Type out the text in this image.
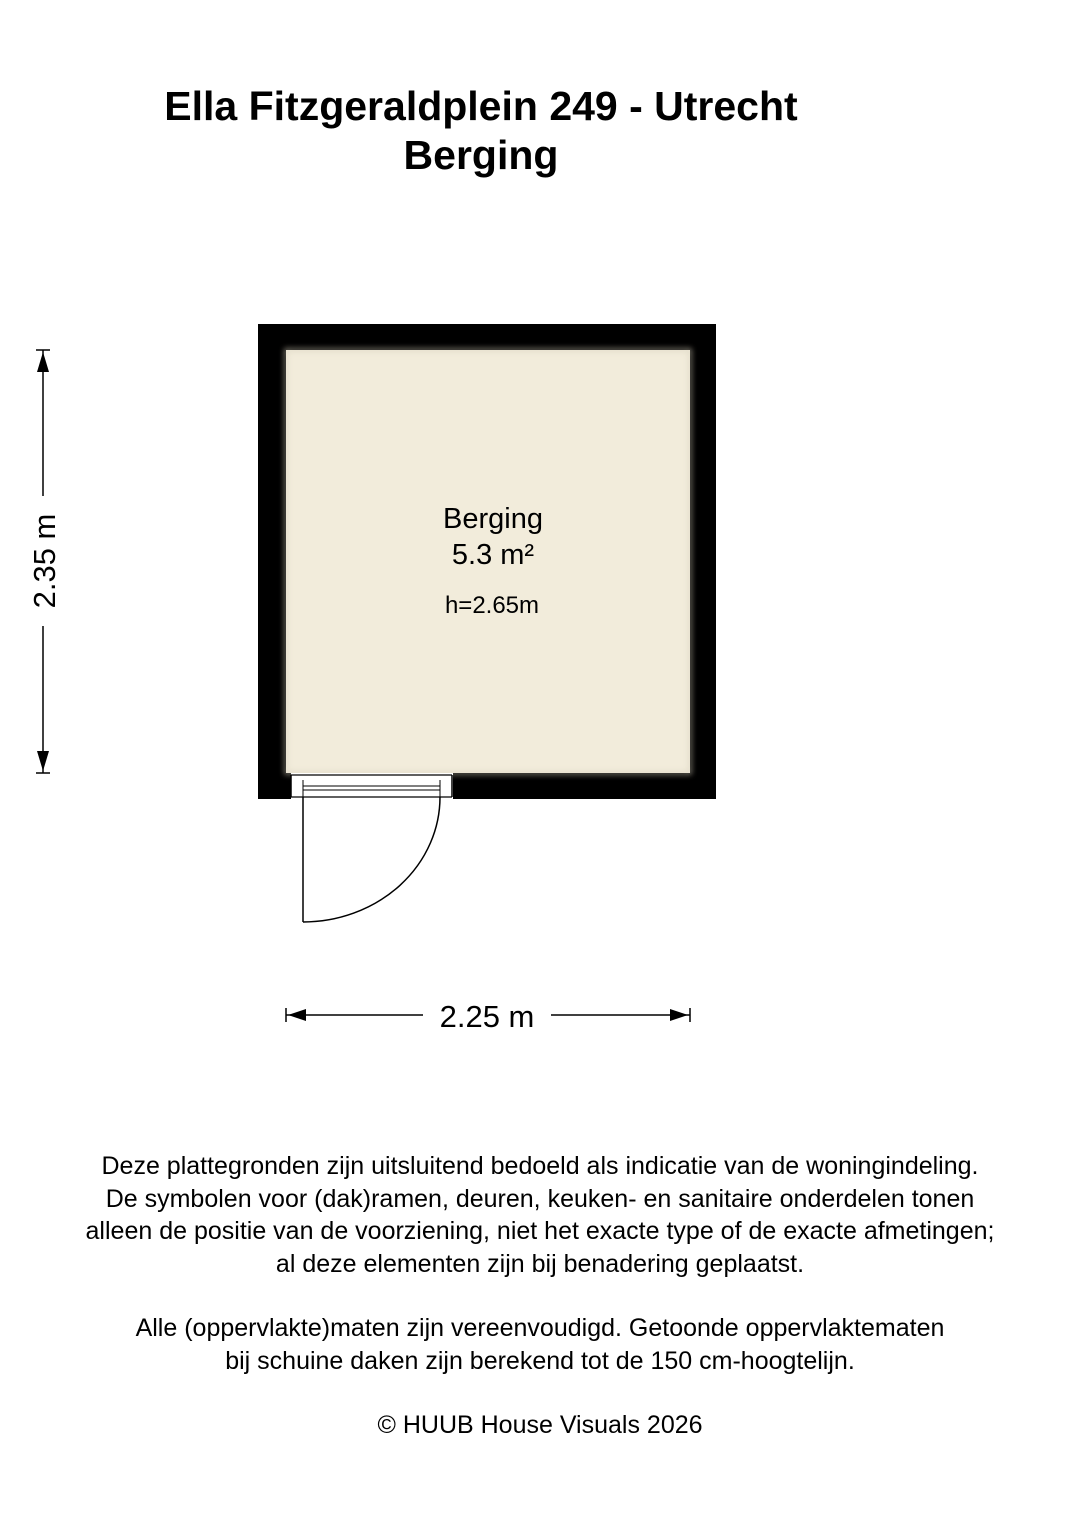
Ella Fitzgeraldplein 249 - Utrecht
Berging
Berging
5.3 m²
h=2.65m
2.35 m
2.25 m

Deze plattegronden zijn uitsluitend bedoeld als indicatie van de woningindeling.

De symbolen voor (dak)ramen, deuren, keuken- en sanitaire onderdelen tonen

alleen de positie van de voorziening, niet het exacte type of de exacte afmetingen;

al deze elementen zijn bij benadering geplaatst.

Alle (oppervlakte)maten zijn vereenvoudigd. Getoonde oppervlaktematen

bij schuine daken zijn berekend tot de 150 cm-hoogtelijn.

© HUUB House Visuals 2026
